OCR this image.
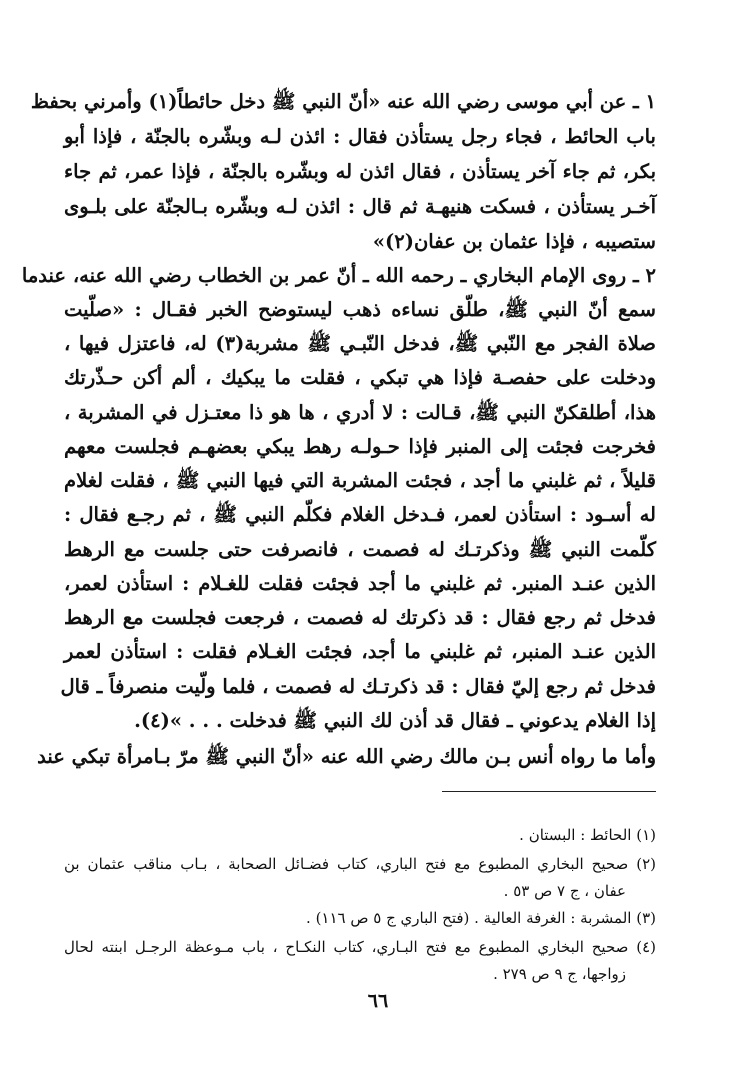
١ ـ عن أبي موسى رضي الله عنه «أنّ النبي ﷺ دخل حائطاً(١) وأمرني بحفظ
باب الحائط ، فجاء رجل يستأذن فقال : ائذن لـه وبشّره بالجنّة ، فإذا أبو
بكر، ثم جاء آخر يستأذن ، فقال ائذن له وبشّره بالجنّة ، فإذا عمر، ثم جاء
آخـر يستأذن ، فسكت هنيهـة ثم قال : ائذن لـه وبشّره بـالجنّة على بلـوى
ستصيبه ، فإذا عثمان بن عفان(٢)»
٢ ـ روى الإمام البخاري ـ رحمه الله ـ أنّ عمر بن الخطاب رضي الله عنه، عندما
سمع أنّ النبي ﷺ، طلّق نساءه ذهب ليستوضح الخبر فقـال : «صلّيت
صلاة الفجر مع النّبي ﷺ، فدخل النّبـي ﷺ مشربة(٣) له، فاعتزل فيها ،
ودخلت على حفصـة فإذا هي تبكي ، فقلت ما يبكيك ، ألم أكن حـذّرتك
هذا، أطلقكنّ النبي ﷺ، قـالت : لا أدري ، ها هو ذا معتـزل في المشربة ،
فخرجت فجئت إلى المنبر فإذا حـولـه رهط يبكي بعضهـم فجلست معهم
قليلاً ، ثم غلبني ما أجد ، فجئت المشربة التي فيها النبي ﷺ ، فقلت لغلام
له أسـود : استأذن لعمر، فـدخل الغلام فكلّم النبي ﷺ ، ثم رجـع فقال :
كلّمت النبي ﷺ وذكرتـك له فصمت ، فانصرفت حتى جلست مع الرهط
الذين عنـد المنبر. ثم غلبني ما أجد فجئت فقلت للغـلام : استأذن لعمر،
فدخل ثم رجع فقال : قد ذكرتك له فصمت ، فرجعت فجلست مع الرهط
الذين عنـد المنبر، ثم غلبني ما أجد، فجئت الغـلام فقلت : استأذن لعمر
فدخل ثم رجع إليّ فقال : قد ذكرتـك له فصمت ، فلما ولّيت منصرفاً ـ قال
إذا الغلام يدعوني ـ فقال قد أذن لك النبي ﷺ فدخلت . . . »(٤).
وأما ما رواه أنس بـن مالك رضي الله عنه «أنّ النبي ﷺ مرّ بـامرأة تبكي عند
(١) الحائط : البستان .
(٢) صحيح البخاري المطبوع مع فتح الباري، كتاب فضـائل الصحابة ، بـاب مناقب عثمان بن
عفان ، ج ٧ ص ٥٣ .
(٣) المشربة : الغرفة العالية . (فتح الباري ج ٥ ص ١١٦) .
(٤) صحيح البخاري المطبوع مع فتح البـاري، كتاب النكـاح ، باب مـوعظة الرجـل ابنته لحال
زواجها، ج ٩ ص ٢٧٩ .
٦٦
